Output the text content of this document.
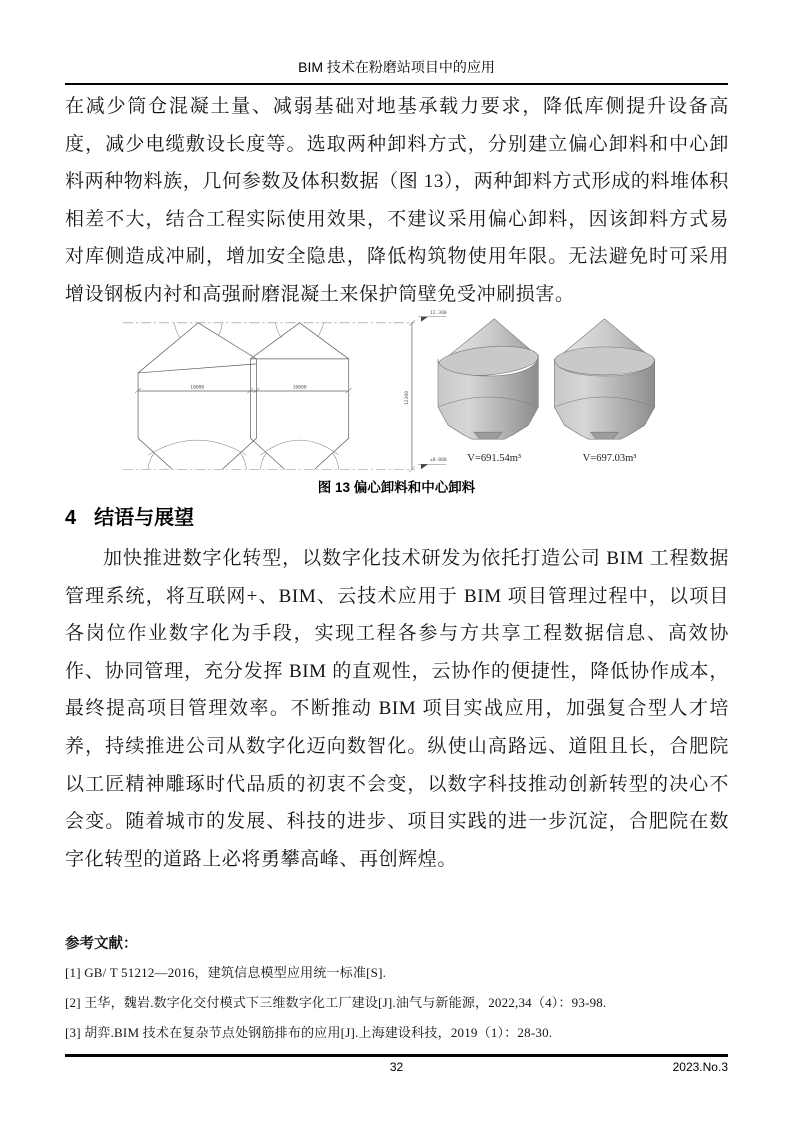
BIM 技术在粉磨站项目中的应用

在减少筒仓混凝土量、减弱基础对地基承载力要求，降低库侧提升设备高度，减少电缆敷设长度等。选取两种卸料方式，分别建立偏心卸料和中心卸料两种物料族，几何参数及体积数据（图 13），两种卸料方式形成的料堆体积相差不大，结合工程实际使用效果，不建议采用偏心卸料，因该卸料方式易对库侧造成冲刷，增加安全隐患，降低构筑物使用年限。无法避免时可采用增设钢板内衬和高强耐磨混凝土来保护筒壁免受冲刷损害。

10000	10000
12300
12.300
±0.000 V=691.54m³	V=697.03m³
图 13 偏心卸料和中心卸料
4 结语与展望

加快推进数字化转型，以数字化技术研发为依托打造公司 BIM 工程数据管理系统，将互联网+、BIM、云技术应用于 BIM 项目管理过程中，以项目各岗位作业数字化为手段，实现工程各参与方共享工程数据信息、高效协作、协同管理，充分发挥 BIM 的直观性，云协作的便捷性，降低协作成本，最终提高项目管理效率。不断推动 BIM 项目实战应用，加强复合型人才培养，持续推进公司从数字化迈向数智化。纵使山高路远、道阻且长，合肥院以工匠精神雕琢时代品质的初衷不会变，以数字科技推动创新转型的决心不会变。随着城市的发展、科技的进步、项目实践的进一步沉淀，合肥院在数字化转型的道路上必将勇攀高峰、再创辉煌。

参考文献：
[1] GB/ T 51212—2016，建筑信息模型应用统一标准[S].
[2] 王华，魏岩.数字化交付模式下三维数字化工厂建设[J].油气与新能源，2022,34（4）：93-98.
[3] 胡弈.BIM 技术在复杂节点处钢筋排布的应用[J].上海建设科技，2019（1）：28-30.
32	2023.No.3
